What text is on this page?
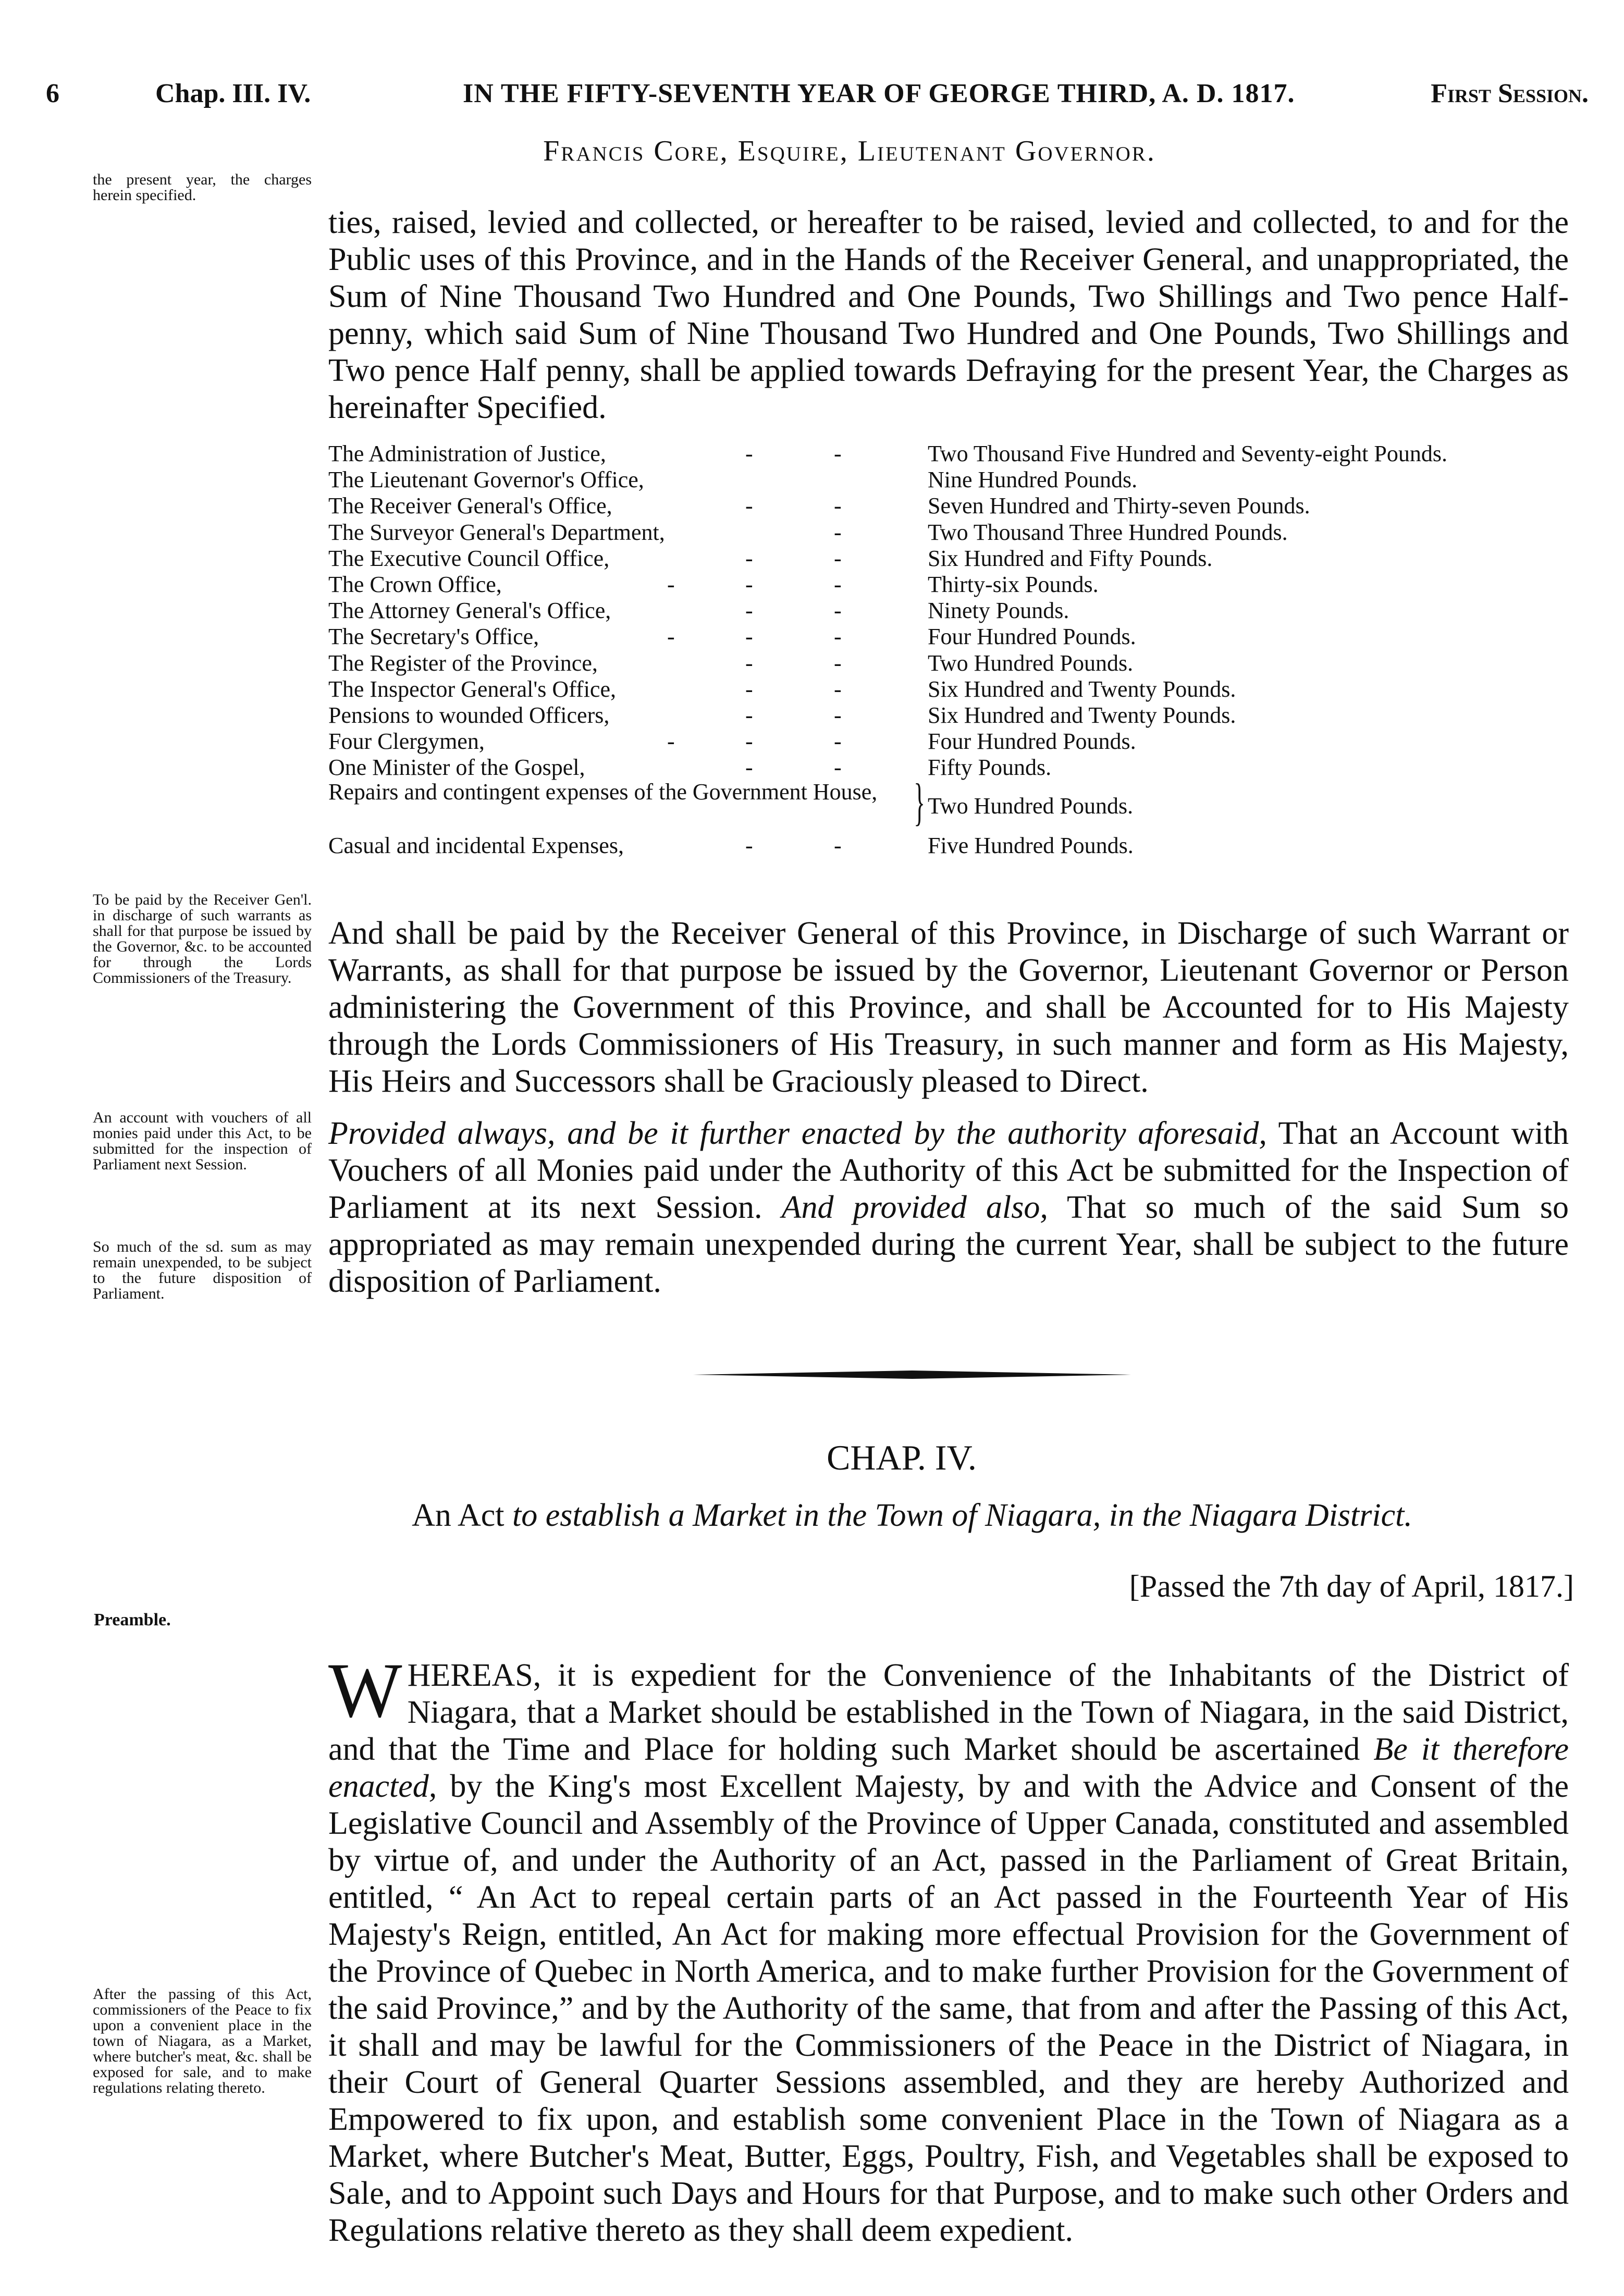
6	Chap. III. IV.	IN THE FIFTY-SEVENTH YEAR OF GEORGE THIRD, A. D. 1817.	First Session.
Francis Core, Esquire, Lieutenant Governor.
the present year, the charges herein specified.
To be paid by the Receiver Gen'l. in discharge of such warrants as shall for that purpose be issued by the Governor, &c. to be accounted for through the Lords Commissioners of the Treasury.
An account with vouchers of all monies paid under this Act, to be submitted for the inspection of Parliament next Session.
So much of the sd. sum as may remain unexpended, to be subject to the future disposition of Parliament.
Preamble.
After the passing of this Act, commissioners of the Peace to fix upon a convenient place in the town of Niagara, as a Market, where butcher's meat, &c. shall be exposed for sale, and to make regulations relating thereto.
ties, raised, levied and collected, or hereafter to be raised, levied and collected, to and for the Public uses of this Province, and in the Hands of the Receiver General, and unappropriated, the Sum of Nine Thousand Two Hundred and One Pounds, Two Shillings and Two pence Half-penny, which said Sum of Nine Thousand Two Hundred and One Pounds, Two Shillings and Two pence Half penny, shall be applied towards Defraying for the present Year, the Charges as hereinafter Specified.
The Administration of Justice,	-	-	Two Thousand Five Hundred and Seventy-eight Pounds.
The Lieutenant Governor's Office,	Nine Hundred Pounds.
The Receiver General's Office,	-	-	Seven Hundred and Thirty-seven Pounds.
The Surveyor General's Department,	-	Two Thousand Three Hundred Pounds.
The Executive Council Office,	-	-	Six Hundred and Fifty Pounds.
The Crown Office,	-	-	-	Thirty-six Pounds.
The Attorney General's Office,	-	-	Ninety Pounds.
The Secretary's Office,	-	-	-	Four Hundred Pounds.
The Register of the Province,	-	-	Two Hundred Pounds.
The Inspector General's Office,	-	-	Six Hundred and Twenty Pounds.
Pensions to wounded Officers,	-	-	Six Hundred and Twenty Pounds.
Four Clergymen,	-	-	-	Four Hundred Pounds.
One Minister of the Gospel,	-	-	Fifty Pounds.
Repairs and contingent expenses of the Government House, } Two Hundred Pounds.
Casual and incidental Expenses,	-	-	Five Hundred Pounds.
And shall be paid by the Receiver General of this Province, in Discharge of such Warrant or Warrants, as shall for that purpose be issued by the Governor, Lieutenant Governor or Person administering the Government of this Province, and shall be Accounted for to His Majesty through the Lords Commissioners of His Treasury, in such manner and form as His Majesty, His Heirs and Successors shall be Graciously pleased to Direct.
Provided always, and be it further enacted by the authority aforesaid, That an Account with Vouchers of all Monies paid under the Authority of this Act be submitted for the Inspection of Parliament at its next Session. And provided also, That so much of the said Sum so appropriated as may remain unexpended during the current Year, shall be subject to the future disposition of Parliament.
CHAP. IV.
An Act to establish a Market in the Town of Niagara, in the Niagara District.
[Passed the 7th day of April, 1817.]
WHEREAS, it is expedient for the Convenience of the Inhabitants of the District of Niagara, that a Market should be established in the Town of Niagara, in the said District, and that the Time and Place for holding such Market should be ascertained Be it therefore enacted, by the King's most Excellent Majesty, by and with the Advice and Consent of the Legislative Council and Assembly of the Province of Upper Canada, constituted and assembled by virtue of, and under the Authority of an Act, passed in the Parliament of Great Britain, entitled, “ An Act to repeal certain parts of an Act passed in the Fourteenth Year of His Majesty's Reign, entitled, An Act for making more effectual Provision for the Government of the Province of Quebec in North America, and to make further Provision for the Government of the said Province,” and by the Authority of the same, that from and after the Passing of this Act, it shall and may be lawful for the Commissioners of the Peace in the District of Niagara, in their Court of General Quarter Sessions assembled, and they are hereby Authorized and Empowered to fix upon, and establish some convenient Place in the Town of Niagara as a Market, where Butcher's Meat, Butter, Eggs, Poultry, Fish, and Vegetables shall be exposed to Sale, and to Appoint such Days and Hours for that Purpose, and to make such other Orders and Regulations relative thereto as they shall deem expedient.
